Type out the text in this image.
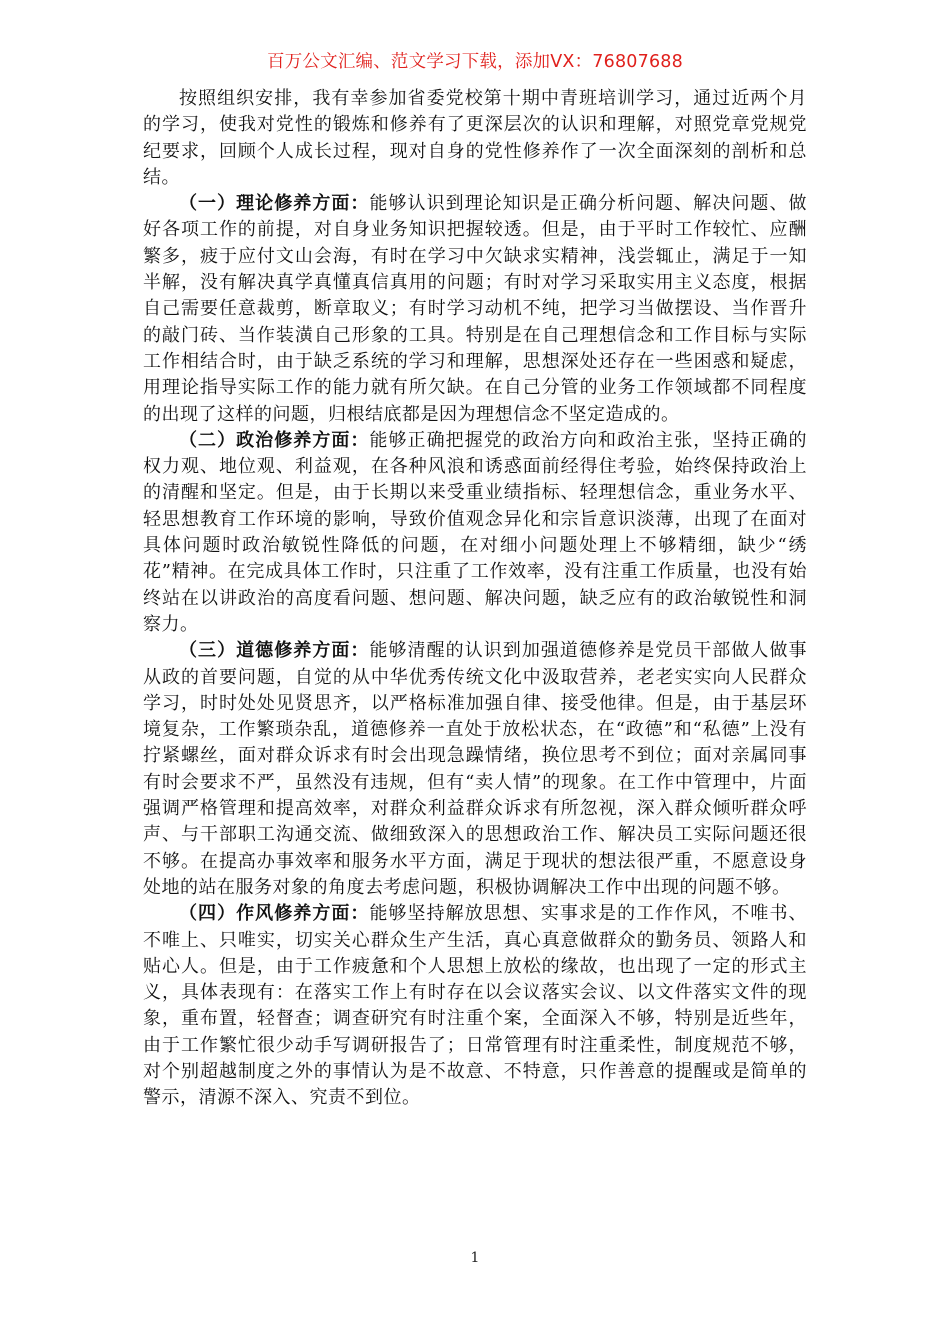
百万公文汇编、范文学习下载，添加VX：76807688

按照组织安排，我有幸参加省委党校第十期中青班培训学习，通过近两个月的学习，使我对党性的锻炼和修养有了更深层次的认识和理解，对照党章党规党纪要求，回顾个人成长过程，现对自身的党性修养作了一次全面深刻的剖析和总结。

（一）理论修养方面：能够认识到理论知识是正确分析问题、解决问题、做好各项工作的前提，对自身业务知识把握较透。但是，由于平时工作较忙、应酬繁多，疲于应付文山会海，有时在学习中欠缺求实精神，浅尝辄止，满足于一知半解，没有解决真学真懂真信真用的问题；有时对学习采取实用主义态度，根据自己需要任意裁剪，断章取义；有时学习动机不纯，把学习当做摆设、当作晋升的敲门砖、当作装潢自己形象的工具。特别是在自己理想信念和工作目标与实际工作相结合时，由于缺乏系统的学习和理解，思想深处还存在一些困惑和疑虑，用理论指导实际工作的能力就有所欠缺。在自己分管的业务工作领域都不同程度的出现了这样的问题，归根结底都是因为理想信念不坚定造成的。

（二）政治修养方面：能够正确把握党的政治方向和政治主张，坚持正确的权力观、地位观、利益观，在各种风浪和诱惑面前经得住考验，始终保持政治上的清醒和坚定。但是，由于长期以来受重业绩指标、轻理想信念，重业务水平、轻思想教育工作环境的影响，导致价值观念异化和宗旨意识淡薄，出现了在面对具体问题时政治敏锐性降低的问题，在对细小问题处理上不够精细，缺少“绣花”精神。在完成具体工作时，只注重了工作效率，没有注重工作质量，也没有始终站在以讲政治的高度看问题、想问题、解决问题，缺乏应有的政治敏锐性和洞察力。

（三）道德修养方面：能够清醒的认识到加强道德修养是党员干部做人做事从政的首要问题，自觉的从中华优秀传统文化中汲取营养，老老实实向人民群众学习，时时处处见贤思齐，以严格标准加强自律、接受他律。但是，由于基层环境复杂，工作繁琐杂乱，道德修养一直处于放松状态，在“政德”和“私德”上没有拧紧螺丝，面对群众诉求有时会出现急躁情绪，换位思考不到位；面对亲属同事有时会要求不严，虽然没有违规，但有“卖人情”的现象。在工作中管理中，片面强调严格管理和提高效率，对群众利益群众诉求有所忽视，深入群众倾听群众呼声、与干部职工沟通交流、做细致深入的思想政治工作、解决员工实际问题还很不够。在提高办事效率和服务水平方面，满足于现状的想法很严重，不愿意设身处地的站在服务对象的角度去考虑问题，积极协调解决工作中出现的问题不够。

（四）作风修养方面：能够坚持解放思想、实事求是的工作作风，不唯书、不唯上、只唯实，切实关心群众生产生活，真心真意做群众的勤务员、领路人和贴心人。但是，由于工作疲惫和个人思想上放松的缘故，也出现了一定的形式主义，具体表现有：在落实工作上有时存在以会议落实会议、以文件落实文件的现象，重布置，轻督查；调查研究有时注重个案，全面深入不够，特别是近些年，由于工作繁忙很少动手写调研报告了；日常管理有时注重柔性，制度规范不够，对个别超越制度之外的事情认为是不故意、不特意，只作善意的提醒或是简单的警示，清源不深入、究责不到位。

1
